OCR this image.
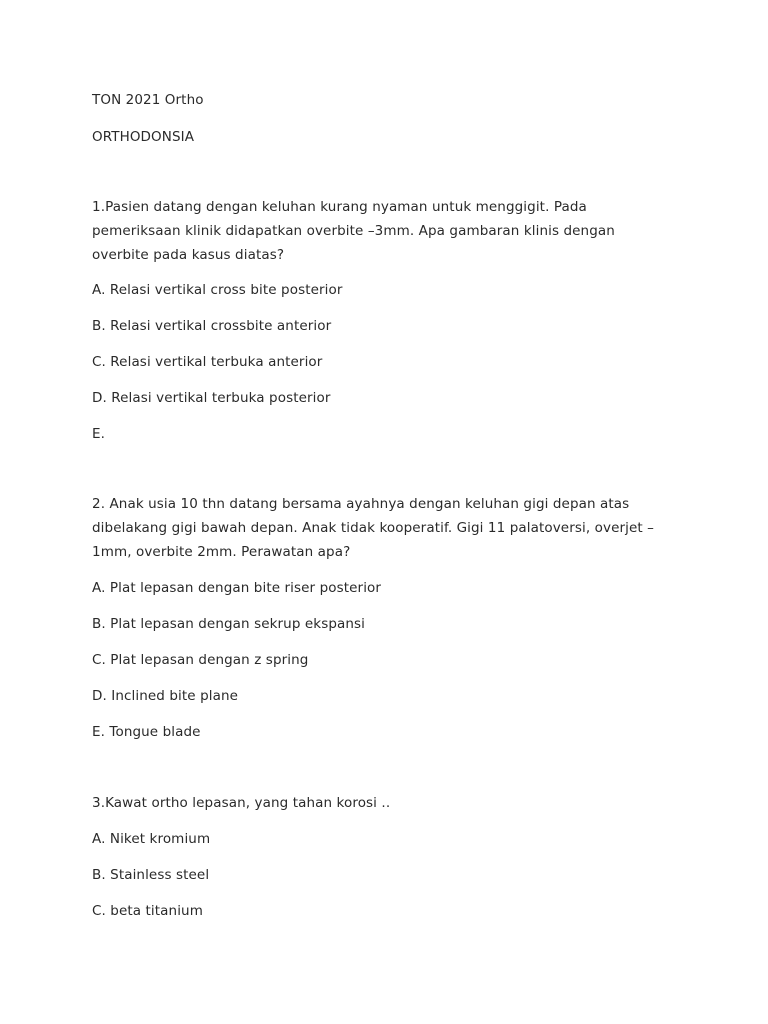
TON 2021 Ortho
ORTHODONSIA
1.Pasien datang dengan keluhan kurang nyaman untuk menggigit. Pada pemeriksaan klinik didapatkan overbite –3mm. Apa gambaran klinis dengan overbite pada kasus diatas?
A. Relasi vertikal cross bite posterior
B. Relasi vertikal crossbite anterior
C. Relasi vertikal terbuka anterior
D. Relasi vertikal terbuka posterior
E.
2. Anak usia 10 thn datang bersama ayahnya dengan keluhan gigi depan atas dibelakang gigi bawah depan. Anak tidak kooperatif. Gigi 11 palatoversi, overjet – 1mm, overbite 2mm. Perawatan apa?
A. Plat lepasan dengan bite riser posterior
B. Plat lepasan dengan sekrup ekspansi
C. Plat lepasan dengan z spring
D. Inclined bite plane
E. Tongue blade
3.Kawat ortho lepasan, yang tahan korosi ..
A. Niket kromium
B. Stainless steel
C. beta titanium
